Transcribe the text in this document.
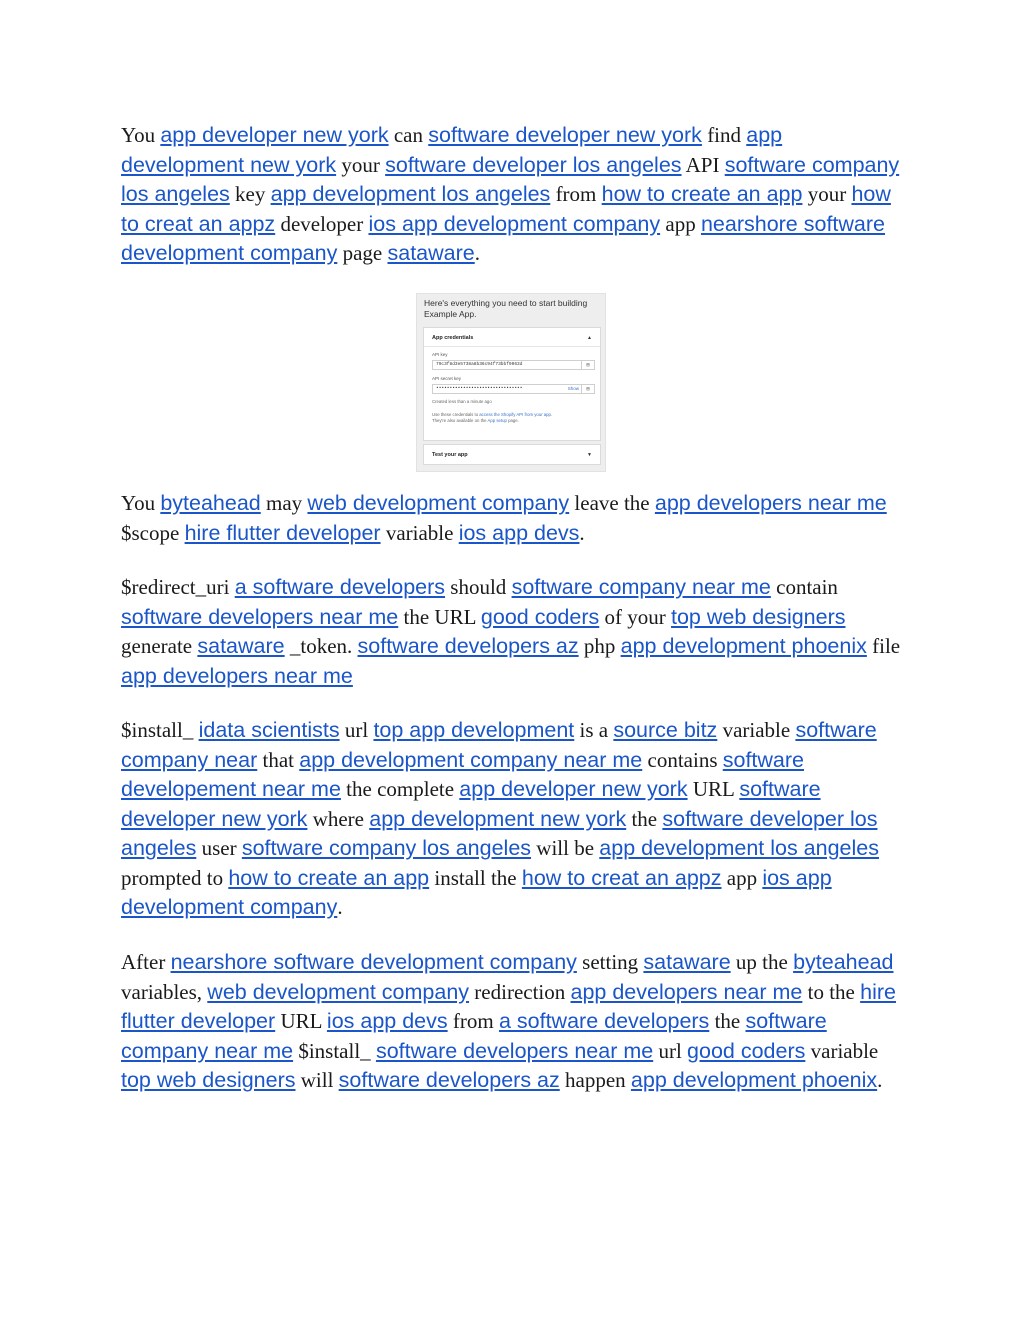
You app developer new york can software developer new york find app development new york your software developer los angeles API software company los angeles key app development los angeles from how to create an app your how to creat an appz developer ios app development company app nearshore software development company page sataware.

Here's everything you need to start building Example App.
App credentials	▲
API key
79c3f8d3e5738a8b36c94f73bbf9063d	▤
API secret key
••••••••••••••••••••••••••••••••	Show	▤
Created less than a minute ago
Use these credentials to access the Shopify API from your app.
They're also available on the App setup page.
Test your app	▼

You byteahead may web development company leave the app developers near me $scope hire flutter developer variable ios app devs.

$redirect_uri a software developers should software company near me contain software developers near me the URL good coders of your top web designers generate sataware _token. software developers az php app development phoenix file app developers near me

$install_ idata scientists url top app development is a source bitz variable software company near that app development company near me contains software developement near me the complete app developer new york URL software developer new york where app development new york the software developer los angeles user software company los angeles will be app development los angeles prompted to how to create an app install the how to creat an appz app ios app development company.

After nearshore software development company setting sataware up the byteahead variables, web development company redirection app developers near me to the hire flutter developer URL ios app devs from a software developers the software company near me $install_ software developers near me url good coders variable top web designers will software developers az happen app development phoenix.
